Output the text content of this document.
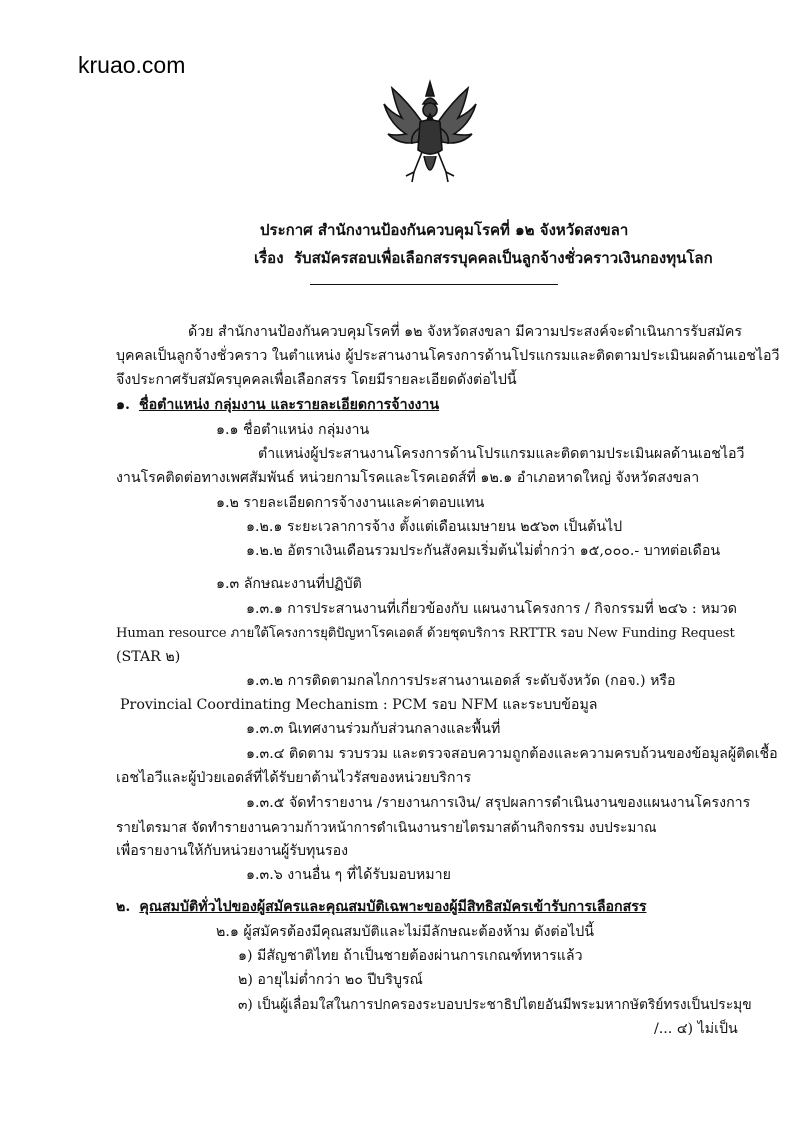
kruao.com
ประกาศ สำนักงานป้องกันควบคุมโรคที่ ๑๒ จังหวัดสงขลา
เรื่อง รับสมัครสอบเพื่อเลือกสรรบุคคลเป็นลูกจ้างชั่วคราวเงินกองทุนโลก
ด้วย สำนักงานป้องกันควบคุมโรคที่ ๑๒ จังหวัดสงขลา มีความประสงค์จะดำเนินการรับสมัคร
บุคคลเป็นลูกจ้างชั่วคราว ในตำแหน่ง ผู้ประสานงานโครงการด้านโปรแกรมและติดตามประเมินผลด้านเอชไอวี
จึงประกาศรับสมัครบุคคลเพื่อเลือกสรร โดยมีรายละเอียดดังต่อไปนี้
๑. ชื่อตำแหน่ง กลุ่มงาน และรายละเอียดการจ้างงาน
๑.๑ ชื่อตำแหน่ง กลุ่มงาน
ตำแหน่งผู้ประสานงานโครงการด้านโปรแกรมและติดตามประเมินผลด้านเอชไอวี
งานโรคติดต่อทางเพศสัมพันธ์ หน่วยกามโรคและโรคเอดส์ที่ ๑๒.๑ อำเภอหาดใหญ่ จังหวัดสงขลา
๑.๒ รายละเอียดการจ้างงานและค่าตอบแทน
๑.๒.๑ ระยะเวลาการจ้าง ตั้งแต่เดือนเมษายน ๒๕๖๓ เป็นต้นไป
๑.๒.๒ อัตราเงินเดือนรวมประกันสังคมเริ่มต้นไม่ต่ำกว่า ๑๕,๐๐๐.- บาทต่อเดือน
๑.๓ ลักษณะงานที่ปฏิบัติ
๑.๓.๑ การประสานงานที่เกี่ยวข้องกับ แผนงานโครงการ / กิจกรรมที่ ๒๔๖ : หมวด
Human resource ภายใต้โครงการยุติปัญหาโรคเอดส์ ด้วยชุดบริการ RRTTR รอบ New Funding Request
(STAR ๒)
๑.๓.๒ การติดตามกลไกการประสานงานเอดส์ ระดับจังหวัด (กอจ.) หรือ
Provincial Coordinating Mechanism : PCM รอบ NFM และระบบข้อมูล
๑.๓.๓ นิเทศงานร่วมกับส่วนกลางและพื้นที่
๑.๓.๔ ติดตาม รวบรวม และตรวจสอบความถูกต้องและความครบถ้วนของข้อมูลผู้ติดเชื้อ
เอชไอวีและผู้ป่วยเอดส์ที่ได้รับยาต้านไวรัสของหน่วยบริการ
๑.๓.๕ จัดทำรายงาน /รายงานการเงิน/ สรุปผลการดำเนินงานของแผนงานโครงการ
รายไตรมาส จัดทำรายงานความก้าวหน้าการดำเนินงานรายไตรมาสด้านกิจกรรม งบประมาณ
เพื่อรายงานให้กับหน่วยงานผู้รับทุนรอง
๑.๓.๖ งานอื่น ๆ ที่ได้รับมอบหมาย
๒. คุณสมบัติทั่วไปของผู้สมัครและคุณสมบัติเฉพาะของผู้มีสิทธิสมัครเข้ารับการเลือกสรร
๒.๑ ผู้สมัครต้องมีคุณสมบัติและไม่มีลักษณะต้องห้าม ดังต่อไปนี้
๑) มีสัญชาติไทย ถ้าเป็นชายต้องผ่านการเกณฑ์ทหารแล้ว
๒) อายุไม่ต่ำกว่า ๒๐ ปีบริบูรณ์
๓) เป็นผู้เลื่อมใสในการปกครองระบอบประชาธิปไตยอันมีพระมหากษัตริย์ทรงเป็นประมุข
/... ๔) ไม่เป็น
